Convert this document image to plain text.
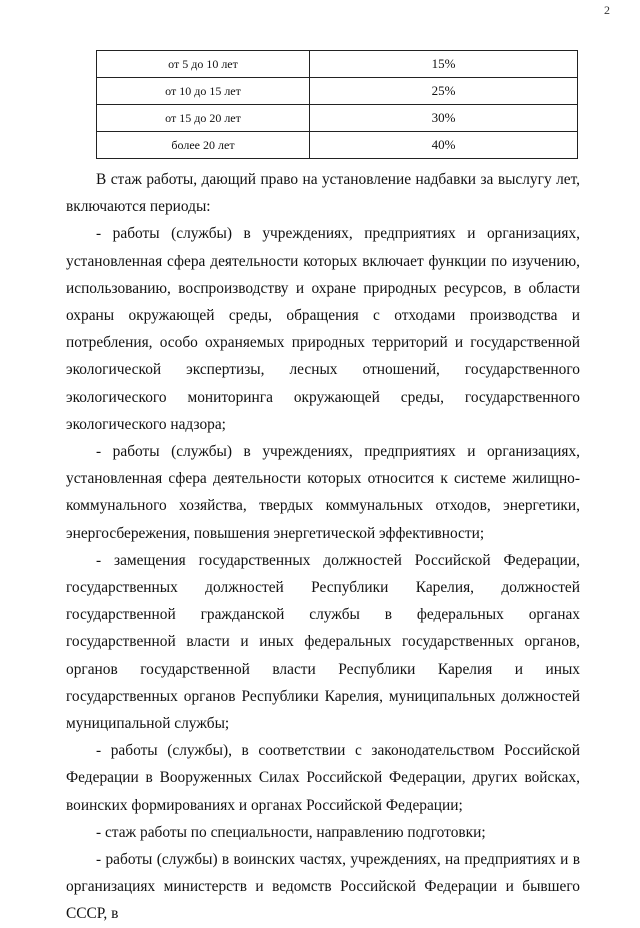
2
от 5 до 10 лет	15%
от 10 до 15 лет	25%
от 15 до 20 лет	30%
более 20 лет	40%

В стаж работы, дающий право на установление надбавки за выслугу лет, включаются периоды:

- работы (службы) в учреждениях, предприятиях и организациях, установленная сфера деятельности которых включает функции по изучению, использованию, воспроизводству и охране природных ресурсов, в области охраны окружающей среды, обращения с отходами производства и потребления, особо охраняемых природных территорий и государственной экологической экспертизы, лесных отношений, государственного экологического мониторинга окружающей среды, государственного экологического надзора;

- работы (службы) в учреждениях, предприятиях и организациях, установленная сфера деятельности которых относится к системе жилищно-коммунального хозяйства, твердых коммунальных отходов, энергетики, энергосбережения, повышения энергетической эффективности;

- замещения государственных должностей Российской Федерации, государственных должностей Республики Карелия, должностей государственной гражданской службы в федеральных органах государственной власти и иных федеральных государственных органов, органов государственной власти Республики Карелия и иных государственных органов Республики Карелия, муниципальных должностей муниципальной службы;

- работы (службы), в соответствии с законодательством Российской Федерации в Вооруженных Силах Российской Федерации, других войсках, воинских формированиях и органах Российской Федерации;

- стаж работы по специальности, направлению подготовки;

- работы (службы) в воинских частях, учреждениях, на предприятиях и в организациях министерств и ведомств Российской Федерации и бывшего СССР, в
